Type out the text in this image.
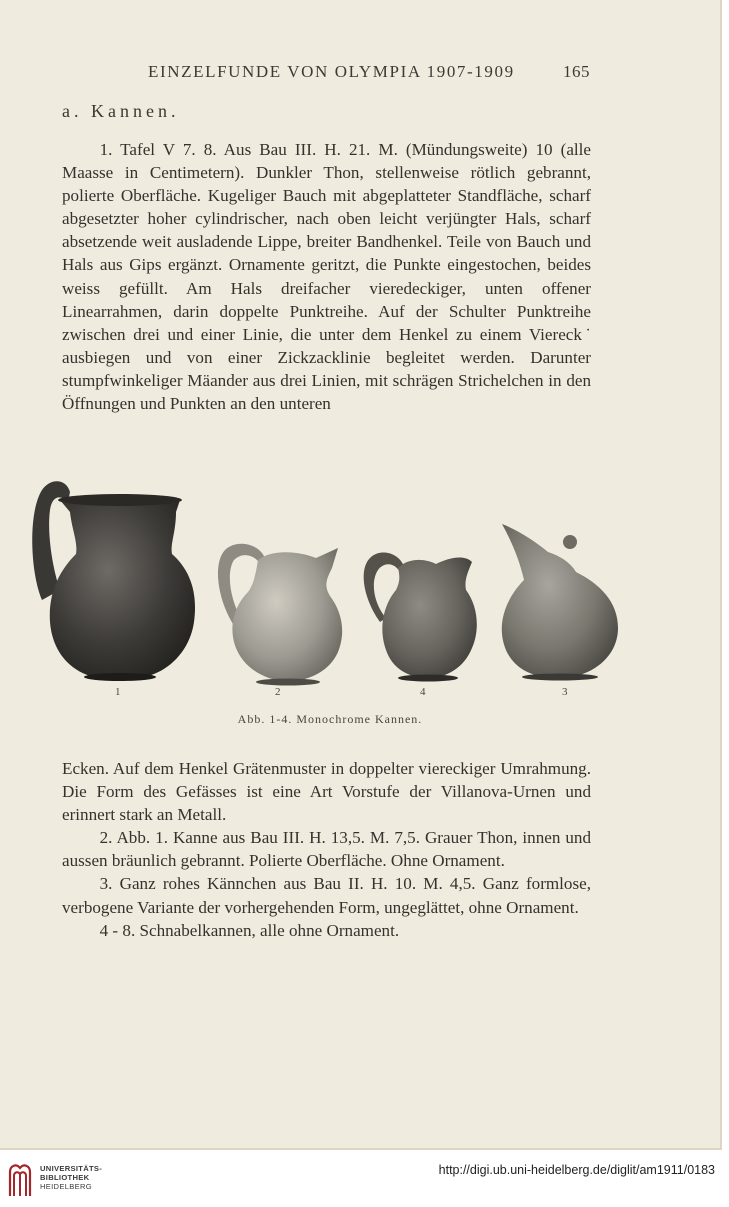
EINZELFUNDE VON OLYMPIA 1907-1909	165
a. Kannen.

1. Tafel V 7. 8. Aus Bau III. H. 21. M. (Mündungsweite) 10 (alle Maasse in Centimetern). Dunkler Thon, stellenweise rötlich gebrannt, polierte Oberfläche. Kugeliger Bauch mit abgeplatteter Standfläche, scharf abgesetzter hoher cylindrischer, nach oben leicht verjüngter Hals, scharf absetzende weit ausladende Lippe, breiter Bandhenkel. Teile von Bauch und Hals aus Gips ergänzt. Ornamente geritzt, die Punkte eingestochen, beides weiss gefüllt. Am Hals dreifacher vieredeckiger, unten offener Linearrahmen, darin doppelte Punktreihe. Auf der Schulter Punktreihe zwischen drei und einer Linie, die unter dem Henkel zu einem Viereck˙ ausbiegen und von einer Zickzacklinie begleitet werden. Darunter stumpfwinkeliger Mäander aus drei Linien, mit schrägen Strichelchen in den Öffnungen und Punkten an den unteren

1	2	4	3
Abb. 1-4. Monochrome Kannen.

Ecken. Auf dem Henkel Grätenmuster in doppelter viereckiger Umrahmung. Die Form des Gefässes ist eine Art Vorstufe der Villanova-Urnen und erinnert stark an Metall.

2. Abb. 1. Kanne aus Bau III. H. 13,5. M. 7,5. Grauer Thon, innen und aussen bräunlich gebrannt. Polierte Oberfläche. Ohne Ornament.

3. Ganz rohes Kännchen aus Bau II. H. 10. M. 4,5. Ganz formlose, verbogene Variante der vorhergehenden Form, ungeglättet, ohne Ornament.

4 - 8. Schnabelkannen, alle ohne Ornament.

UNIVERSITÄTS-
BIBLIOTHEK
HEIDELBERG
http://digi.ub.uni-heidelberg.de/diglit/am1911/0183
